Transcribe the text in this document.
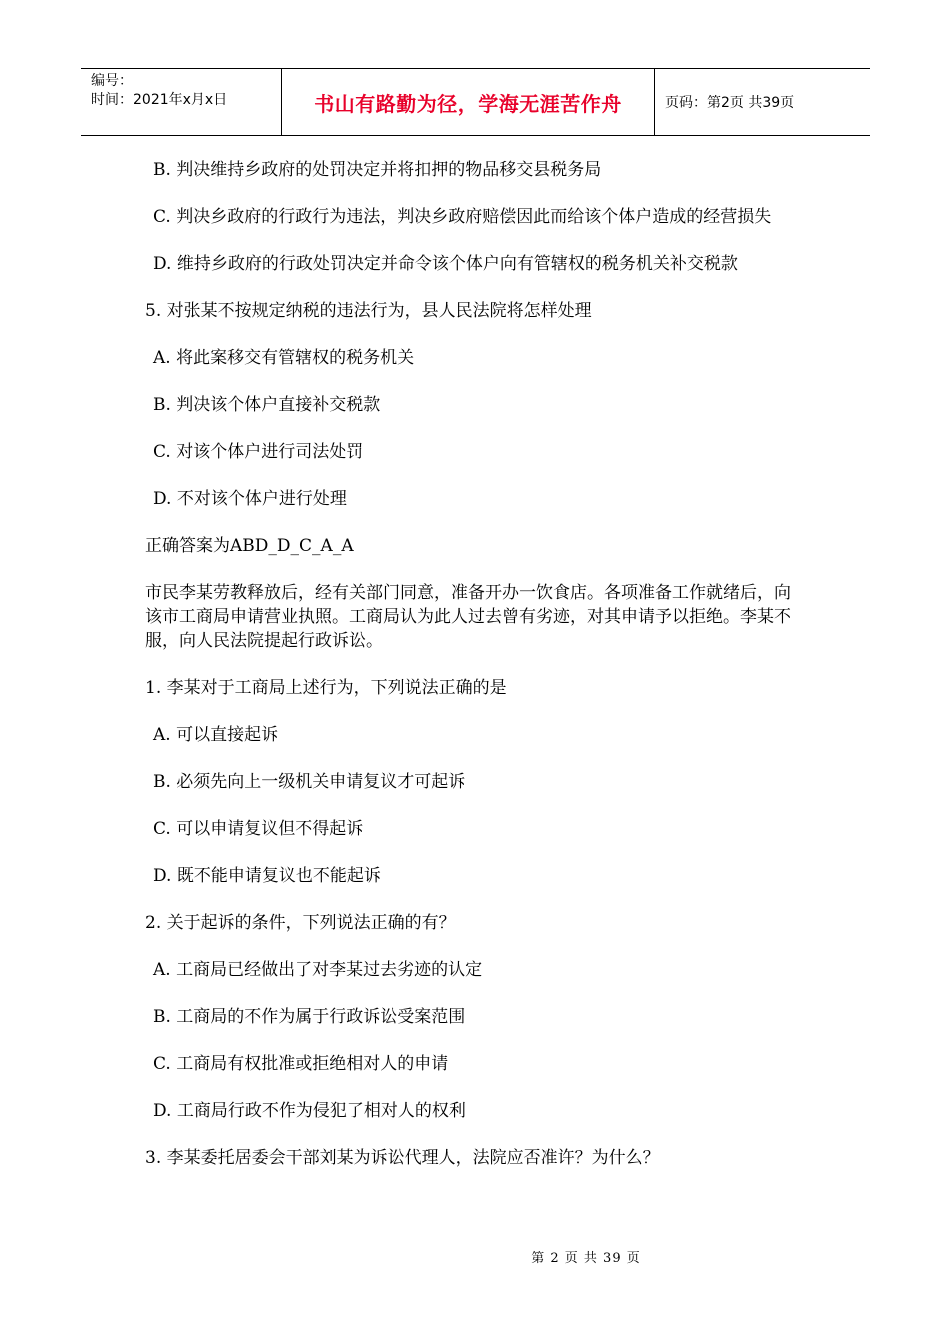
编号：
时间：2021年x月x日	书山有路勤为径，学海无涯苦作舟	页码：第2页 共39页
B. 判决维持乡政府的处罚决定并将扣押的物品移交县税务局
C. 判决乡政府的行政行为违法，判决乡政府赔偿因此而给该个体户造成的经营损失
D. 维持乡政府的行政处罚决定并命令该个体户向有管辖权的税务机关补交税款
5. 对张某不按规定纳税的违法行为，县人民法院将怎样处理
A. 将此案移交有管辖权的税务机关
B. 判决该个体户直接补交税款
C. 对该个体户进行司法处罚
D. 不对该个体户进行处理
正确答案为ABD_D_C_A_A
市民李某劳教释放后，经有关部门同意，准备开办一饮食店。各项准备工作就绪后，向该市工商局申请营业执照。工商局认为此人过去曾有劣迹，对其申请予以拒绝。李某不服，向人民法院提起行政诉讼。
1. 李某对于工商局上述行为，下列说法正确的是
A. 可以直接起诉
B. 必须先向上一级机关申请复议才可起诉
C. 可以申请复议但不得起诉
D. 既不能申请复议也不能起诉
2. 关于起诉的条件，下列说法正确的有？
A. 工商局已经做出了对李某过去劣迹的认定
B. 工商局的不作为属于行政诉讼受案范围
C. 工商局有权批准或拒绝相对人的申请
D. 工商局行政不作为侵犯了相对人的权利
3. 李某委托居委会干部刘某为诉讼代理人，法院应否准许？为什么？
第 2 页 共 39 页
